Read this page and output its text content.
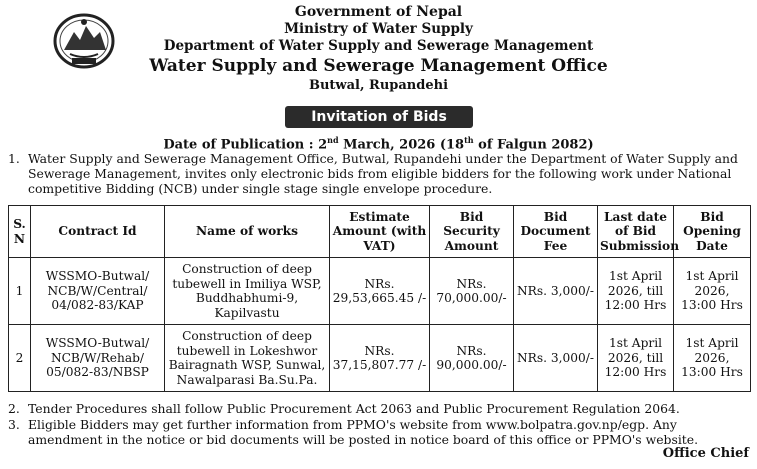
Government of Nepal
Ministry of Water Supply
Department of Water Supply and Sewerage Management
Water Supply and Sewerage Management Office
Butwal, Rupandehi
Invitation of Bids
Date of Publication : 2nd March, 2026 (18th of Falgun 2082)
1. Water Supply and Sewerage Management Office, Butwal, Rupandehi under the Department of Water Supply and Sewerage Management, invites only electronic bids from eligible bidders for the following work under National competitive Bidding (NCB) under single stage single envelope procedure.
S. N	Contract Id	Name of works	Estimate Amount (with VAT)	Bid Security Amount	Bid Document Fee	Last date of Bid Submission	Bid Opening Date
1	WSSMO-Butwal/ NCB/W/Central/ 04/082-83/KAP	Construction of deep tubewell in Imiliya WSP, Buddhabhumi-9, Kapilvastu	NRs. 29,53,665.45 /-	NRs. 70,000.00/-	NRs. 3,000/-	1st April 2026, till 12:00 Hrs	1st April 2026, 13:00 Hrs
2	WSSMO-Butwal/ NCB/W/Rehab/ 05/082-83/NBSP	Construction of deep tubewell in Lokeshwor Bairagnath WSP, Sunwal, Nawalparasi Ba.Su.Pa.	NRs. 37,15,807.77 /-	NRs. 90,000.00/-	NRs. 3,000/-	1st April 2026, till 12:00 Hrs	1st April 2026, 13:00 Hrs
2. Tender Procedures shall follow Public Procurement Act 2063 and Public Procurement Regulation 2064.
3. Eligible Bidders may get further information from PPMO's website from www.bolpatra.gov.np/egp. Any amendment in the notice or bid documents will be posted in notice board of this office or PPMO's website.
Office Chief
